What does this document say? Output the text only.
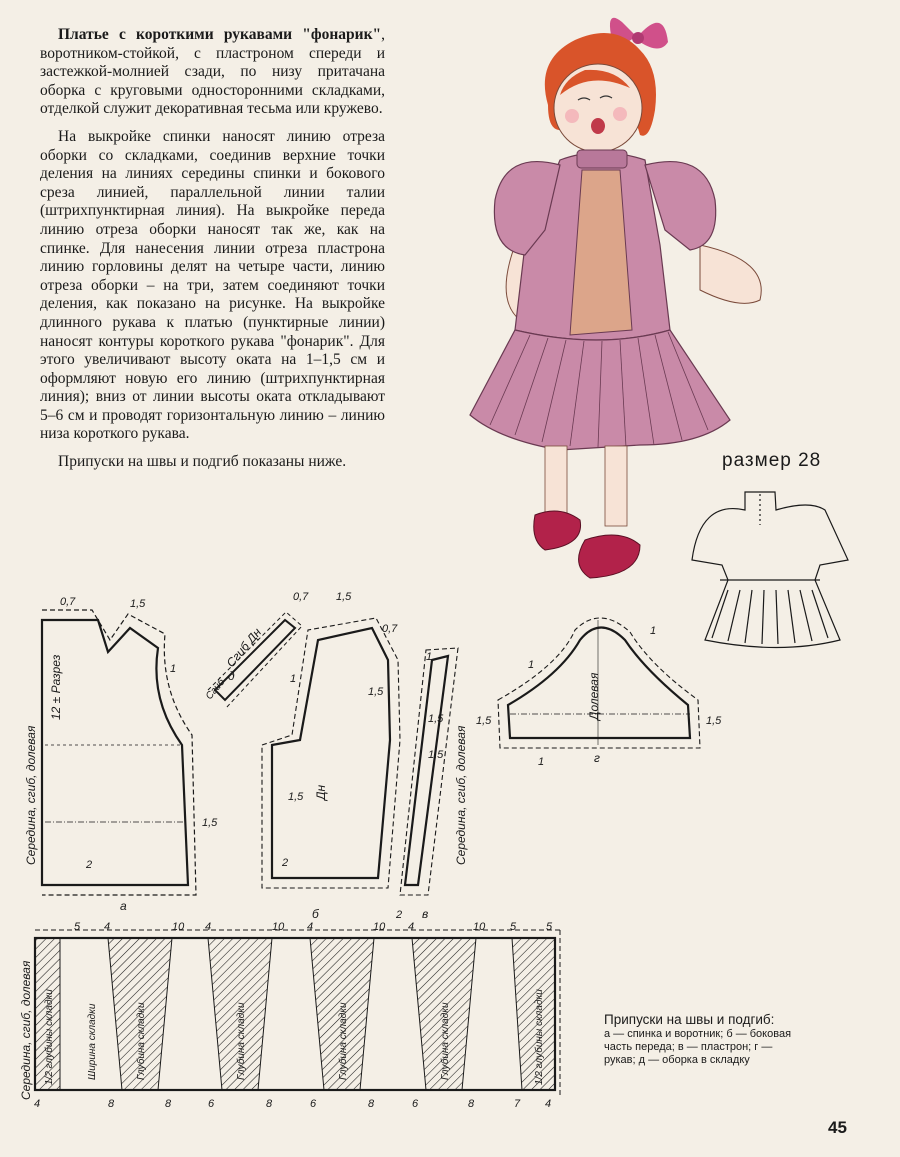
Платье с короткими рукавами "фонарик", воротником-стойкой, с пластроном спереди и застежкой-молнией сзади, по низу притачана оборка с круговыми односторонними складками, отделкой служит декоративная тесьма или кружево.

На выкройке спинки наносят линию отреза оборки со складками, соединив верхние точки деления на линиях середины спинки и бокового среза линией, параллельной линии талии (штрихпунктирная линия). На выкройке переда линию отреза оборки наносят так же, как на спинке. Для нанесения линии отреза пластрона линию горловины делят на четыре части, линию отреза оборки – на три, затем соединяют точки деления, как показано на рисунке. На выкройке длинного рукава к платью (пунктирные линии) наносят контуры короткого рукава "фонарик". Для этого увеличивают высоту оката на 1–1,5 см и оформляют новую его линию (штрихпунктирная линия); вниз от линии высоты оката откладывают 5–6 см и проводят горизонтальную линию – линию низа короткого рукава.

Припуски на швы и подгиб показаны ниже.	размер 28
Середина, сгиб, долевая
12 ± Разрез
Середина, сгиб, долевая
Долевая
Сгиб Дн
Сгиб
Дн
Середина, сгиб, долевая 1/2 глубины складки	Ширина складки	Глубина складки	Глубина складки	Глубина складки	Глубина складки	1/2 глубины складки
а
б	в
г
д
0,7	1,5
1
1,5
2
0,7	1,5
0,7
1
1,5
1,5
2
1
1,5
1,5
2
1
1
1,5	1,5
1
5 4	10 4	10 4	10 4	10 5	5
4	8	8	6	8	6	8	6	8	7 4
Припуски на швы и подгиб:
а — спинка и воротник; б — боковая часть переда; в — пластрон; г — рукав; д — оборка в складку
45
